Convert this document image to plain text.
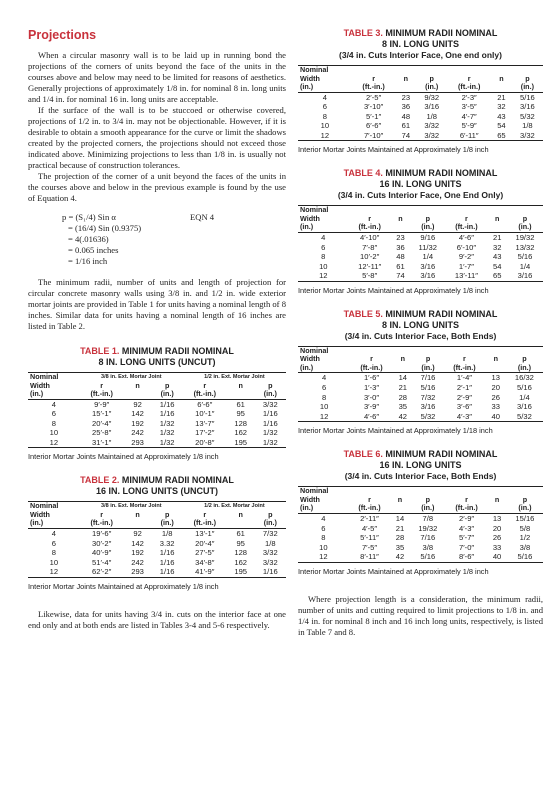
Projections

When a circular masonry wall is to be laid up in running bond the projections of the corners of units beyond the face of the units in the courses above and below may need to be limited for reasons of aesthetics. Generally projections of approximately 1/8 in. for nominal 8 in. long units and 1/4 in. for nominal 16 in. long units are acceptable.

If the surface of the wall is to be stuccoed or otherwise covered, projections of 1/2 in. to 3/4 in. may not be objectionable. However, if it is desirable to obtain a smooth appearance for the curve or limit the shadows created by the projected corners, the projections should not exceed those indicated above. Minimizing projections to less than 1/8 in. is usually not practical because of construction tolerances.

The projection of the corner of a unit beyond the faces of the units in the courses above and below in the previous example is found by the use of Equation 4.

p = (S₁/4) Sin α	EQN 4
= (16/4) Sin (0.9375)
= 4(.01636)
= 0.065 inches
= 1/16 inch

The minimum radii, number of units and length of projection for circular concrete masonry walls using 3/8 in. and 1/2 in. wide exterior mortar joints are provided in Table 1 for units having a nominal length of 8 inches. Similar data for units having a nominal length of 16 inches are listed in Table 2.

TABLE 1. MINIMUM RADII NOMINAL
8 IN. LONG UNITS (UNCUT)
Nominal	3/8 in. Ext. Mortar Joint			1/2 in. Ext. Mortar Joint		
Width	r	n	p	r	n	p
(in.)	(ft.-in.)		(in.)	(ft.-in.)		(in.)
4	9′-9″	92	1/16	6′-6″	61	3/32
6	15′-1″	142	1/16	10′-1″	95	1/16
8	20′-4″	192	1/32	13′-7″	128	1/16
10	25′-8″	242	1/32	17′-2″	162	1/32
12	31′-1″	293	1/32	20′-8″	195	1/32

Interior Mortar Joints Maintained at Approximately 1/8 inch

TABLE 2. MINIMUM RADII NOMINAL
16 IN. LONG UNITS (UNCUT)
Nominal	3/8 in. Ext. Mortar Joint			1/2 in. Ext. Mortar Joint		
Width	r	n	p	r	n	p
(in.)	(ft.-in.)		(in.)	(ft.-in.)		(in.)
4	19′-6″	92	1/8	13′-1″	61	7/32
6	30′-2″	142	3.32	20′-4″	95	1/8
8	40′-9″	192	1/16	27′-5″	128	3/32
10	51′-4″	242	1/16	34′-8″	162	3/32
12	62′-2″	293	1/16	41′-9″	195	1/16

Interior Mortar Joints Maintained at Approximately 1/8 inch

Likewise, data for units having 3/4 in. cuts on the interior face at one end only and at both ends are listed in Tables 3-4 and 5-6 respectively.

TABLE 3. MINIMUM RADII NOMINAL
8 IN. LONG UNITS
(3/4 in. Cuts Interior Face, One end only)
Nominal						
Width	r	n	p	r	n	p
(in.)	(ft.-in.)		(in.)	(ft.-in.)		(in.)
4	2′-5″	23	9/32	2′-3″	21	5/16
6	3′-10″	36	3/16	3′-5″	32	3/16
8	5′-1″	48	1/8	4′-7″	43	5/32
10	6′-6″	61	3/32	5′-9″	54	1/8
12	7′-10″	74	3/32	6′-11″	65	3/32

Interior Mortar Joints Maintained at Approximately 1/8 inch

TABLE 4. MINIMUM RADII NOMINAL
16 IN. LONG UNITS
(3/4 in. Cuts Interior Face, One End Only)
Nominal						
Width	r	n	p	r	n	p
(in.)	(ft.-in.)		(in.)	(ft.-in.)		(in.)
4	4′-10″	23	9/16	4′-6″	21	19/32
6	7′-8″	36	11/32	6′-10″	32	13/32
8	10′-2″	48	1/4	9′-2″	43	5/16
10	12′-11″	61	3/16	1′-7″	54	1/4
12	5′-8″	74	3/16	13′-11″	65	3/16

Interior Mortar Joints Maintained at Approximately 1/8 inch

TABLE 5. MINIMUM RADII NOMINAL
8 IN. LONG UNITS
(3/4 in. Cuts Interior Face, Both Ends)
Nominal						
Width	r	n	p	r	n	p
(in.)	(ft.-in.)		(in.)	(ft.-in.)		(in.)
4	1′-6″	14	7/16	1′-4″	13	16/32
6	1′-3″	21	5/16	2′-1″	20	5/16
8	3′-0″	28	7/32	2′-9″	26	1/4
10	3′-9″	35	3/16	3′-6″	33	3/16
12	4′-6″	42	5/32	4′-3″	40	5/32

Interior Mortar Joints Maintained at Approximately 1/18 inch

TABLE 6. MINIMUM RADII NOMINAL
16 IN. LONG UNITS
(3/4 in. Cuts Interior Face, Both Ends)
Nominal						
Width	r	n	p	r	n	p
(in.)	(ft.-in.)		(in.)	(ft.-in.)		(in.)
4	2′-11″	14	7/8	2′-9″	13	15/16
6	4′-5″	21	19/32	4′-3″	20	5/8
8	5′-11″	28	7/16	5′-7″	26	1/2
10	7′-5″	35	3/8	7′-0″	33	3/8
12	8′-11″	42	5/16	8′-6″	40	5/16

Interior Mortar Joints Maintained at Approximately 1/8 inch

Where projection length is a consideration, the minimum radii, number of units and cutting required to limit projections to 1/8 in. and 1/4 in. for nominal 8 inch and 16 inch long units, respectively, is listed in Table 7 and 8.
